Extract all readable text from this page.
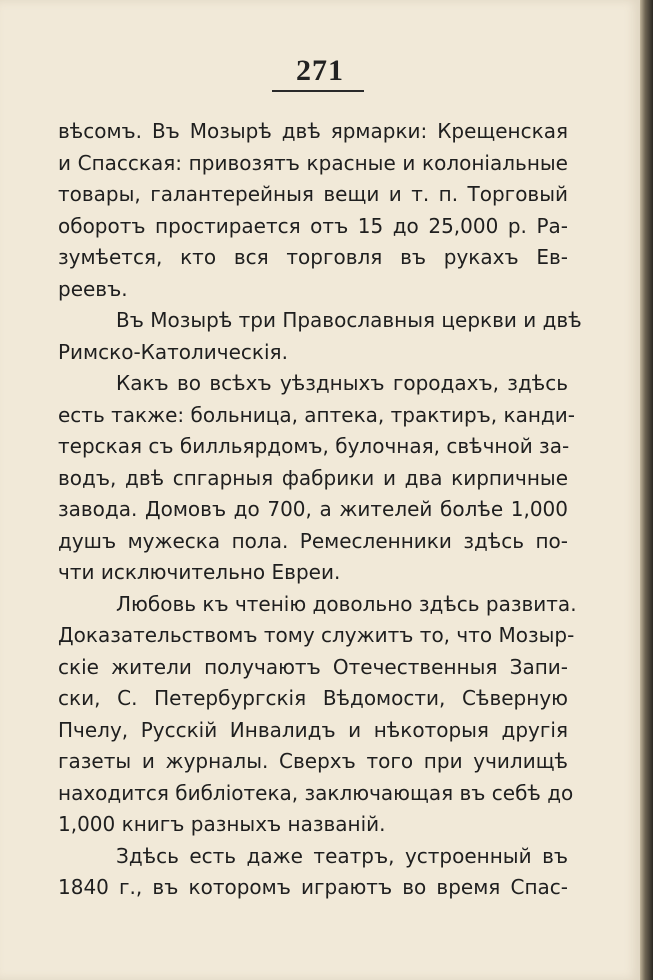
271
вѣсомъ. Въ Мозырѣ двѣ ярмарки: Крещенская
и Спасская: привозятъ красные и колоніальные
товары, галантерейныя вещи и т. п. Торговый
оборотъ простирается отъ 15 до 25,000 р. Ра-
зумѣется, кто вся торговля въ рукахъ Ев-
реевъ.
Въ Мозырѣ три Православныя церкви и двѣ
Римско-Католическія.
Какъ во всѣхъ уѣздныхъ городахъ, здѣсь
есть также: больница, аптека, трактиръ, канди-
терская съ билльярдомъ, булочная, свѣчной за-
водъ, двѣ спгарныя фабрики и два кирпичные
завода. Домовъ до 700, а жителей болѣе 1,000
душъ мужеска пола. Ремесленники здѣсь по-
чти исключительно Евреи.
Любовь къ чтенію довольно здѣсь развита.
Доказательствомъ тому служитъ то, что Мозыр-
скіе жители получаютъ Отечественныя Запи-
ски, С. Петербургскія Вѣдомости, Сѣверную
Пчелу, Русскій Инвалидъ и нѣкоторыя другія
газеты и журналы. Сверхъ того при училищѣ
находится библіотека, заключающая въ себѣ до
1,000 книгъ разныхъ названій.
Здѣсь есть даже театръ, устроенный въ
1840 г., въ которомъ играютъ во время Спас-
